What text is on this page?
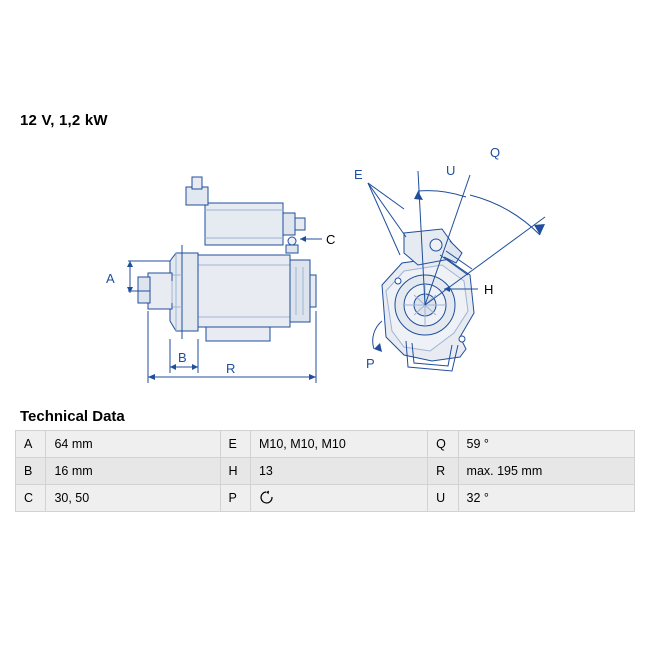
12 V, 1,2 kW
A
B
C
E
H
P
Q
R
U
Technical Data
A	64 mm	E	M10, M10, M10	Q	59 °
B	16 mm	H	13	R	max. 195 mm
C	30, 50	P		U	32 °
